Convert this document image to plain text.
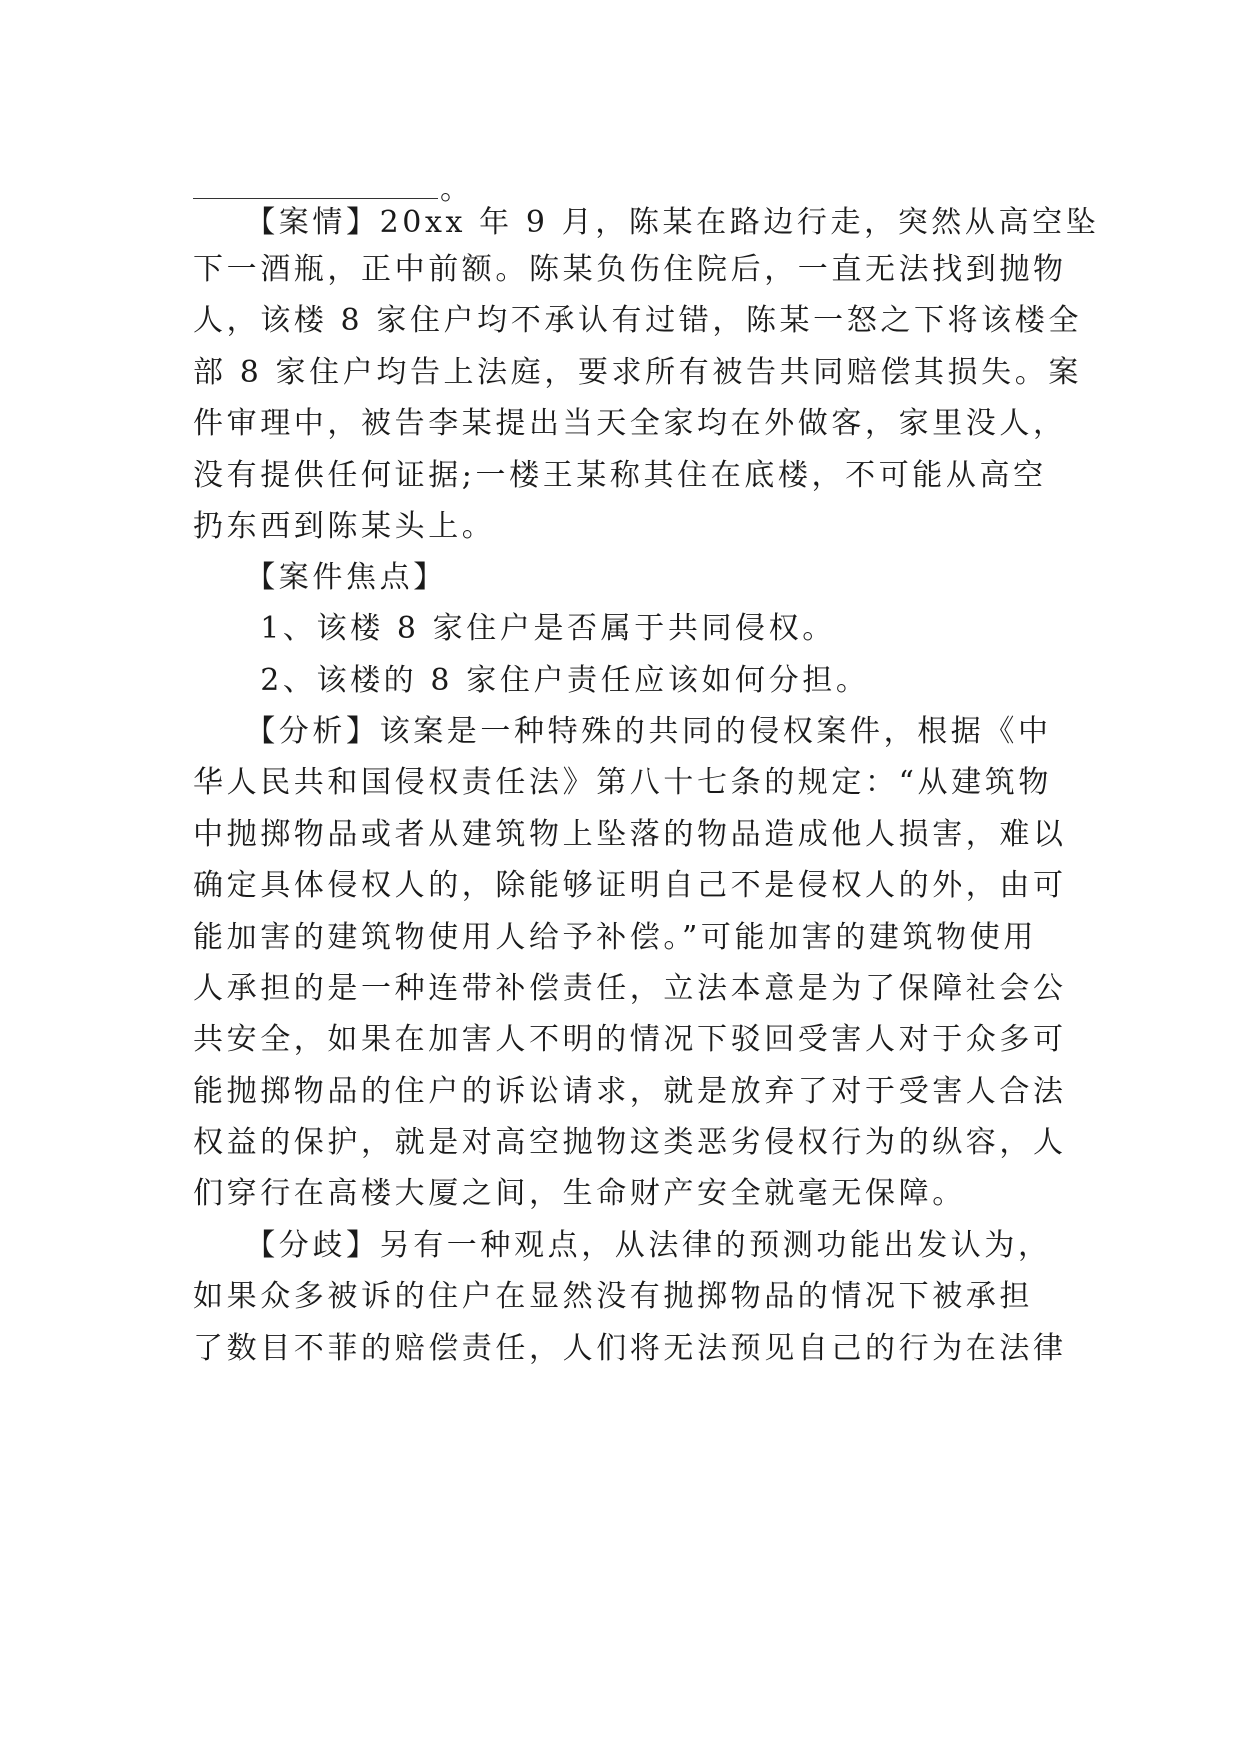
。
　　【案情】20xx 年 9 月，陈某在路边行走，突然从高空坠
下一酒瓶，正中前额。陈某负伤住院后，一直无法找到抛物
人，该楼 8 家住户均不承认有过错，陈某一怒之下将该楼全
部 8 家住户均告上法庭，要求所有被告共同赔偿其损失。案
件审理中，被告李某提出当天全家均在外做客，家里没人，
没有提供任何证据;一楼王某称其住在底楼，不可能从高空
扔东西到陈某头上。
　　【案件焦点】
　　1、该楼 8 家住户是否属于共同侵权。
　　2、该楼的 8 家住户责任应该如何分担。
　　【分析】该案是一种特殊的共同的侵权案件，根据《中
华人民共和国侵权责任法》第八十七条的规定：“从建筑物
中抛掷物品或者从建筑物上坠落的物品造成他人损害，难以
确定具体侵权人的，除能够证明自己不是侵权人的外，由可
能加害的建筑物使用人给予补偿。”可能加害的建筑物使用
人承担的是一种连带补偿责任，立法本意是为了保障社会公
共安全，如果在加害人不明的情况下驳回受害人对于众多可
能抛掷物品的住户的诉讼请求，就是放弃了对于受害人合法
权益的保护，就是对高空抛物这类恶劣侵权行为的纵容，人
们穿行在高楼大厦之间，生命财产安全就毫无保障。
　　【分歧】另有一种观点，从法律的预测功能出发认为，
如果众多被诉的住户在显然没有抛掷物品的情况下被承担
了数目不菲的赔偿责任，人们将无法预见自己的行为在法律
